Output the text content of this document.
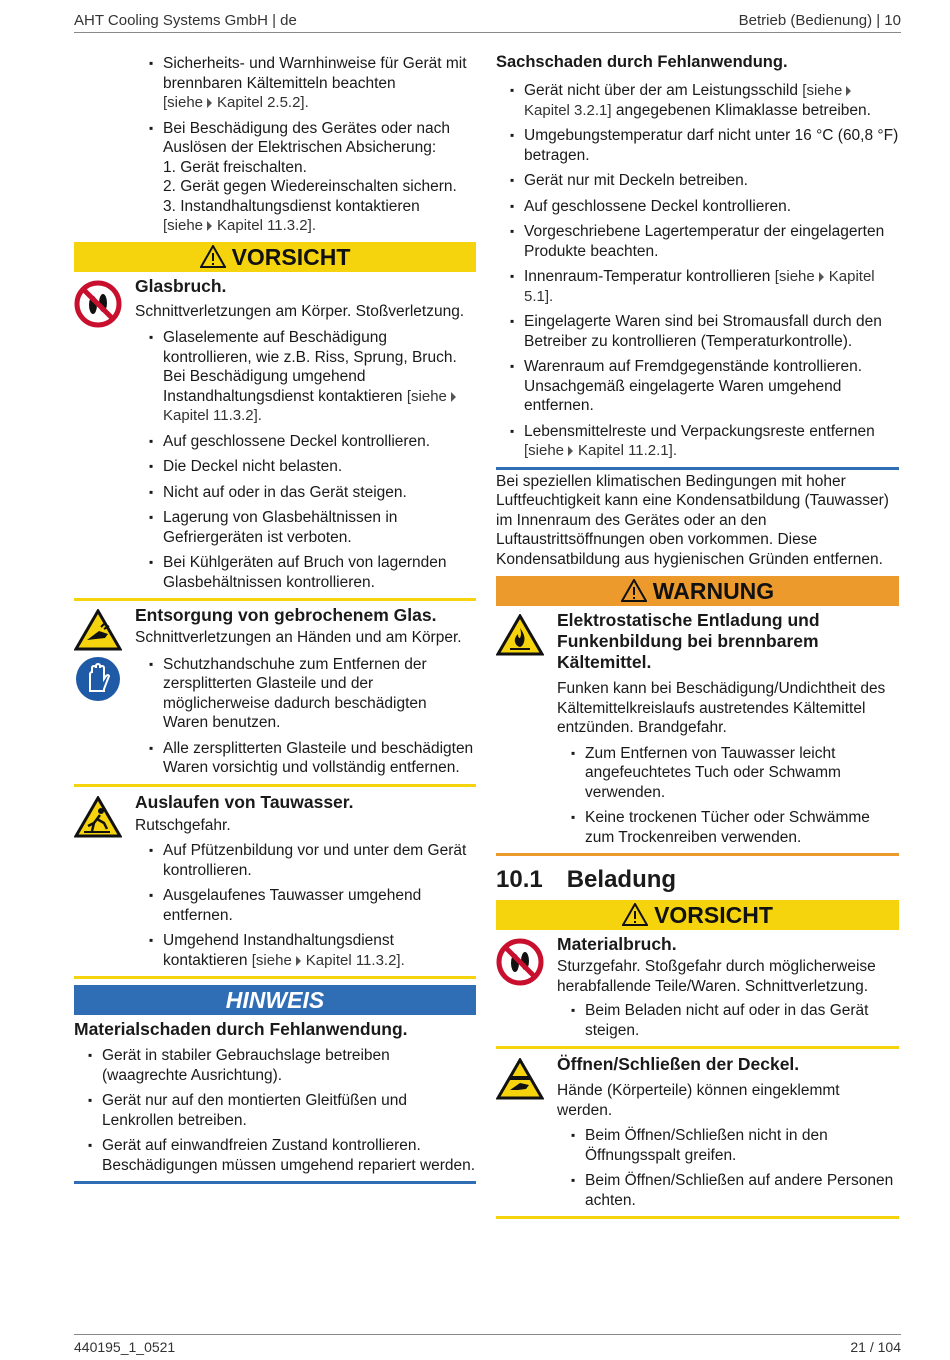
AHT Cooling Systems GmbH | de	Betrieb (Bedienung) | 10
▪ Sicherheits- und Warnhinweise für Gerät mit brennbaren Kältemitteln beachten
[siehe Kapitel 2.5.2].
▪ Bei Beschädigung des Gerätes oder nach Auslösen der Elektrischen Absicherung:
1. Gerät freischalten.
2. Gerät gegen Wiedereinschalten sichern.
3. Instandhaltungsdienst kontaktieren
[siehe Kapitel 11.3.2].
VORSICHT
Glasbruch.
Schnittverletzungen am Körper. Stoßverletzung.
▪ Glaselemente auf Beschädigung kontrollieren, wie z.B. Riss, Sprung, Bruch. Bei Beschädigung umgehend Instandhaltungsdienst kontaktieren [sieheKapitel 11.3.2].
▪ Auf geschlossene Deckel kontrollieren.
▪ Die Deckel nicht belasten.
▪ Nicht auf oder in das Gerät steigen.
▪ Lagerung von Glasbehältnissen in Gefriergeräten ist verboten.
▪ Bei Kühlgeräten auf Bruch von lagernden Glasbehältnissen kontrollieren.
Entsorgung von gebrochenem Glas.
Schnittverletzungen an Händen und am Körper.
▪ Schutzhandschuhe zum Entfernen der zersplitterten Glasteile und der möglicherweise dadurch beschädigten Waren benutzen.
▪ Alle zersplitterten Glasteile und beschädigten Waren vorsichtig und vollständig entfernen.
Auslaufen von Tauwasser.
Rutschgefahr.
▪ Auf Pfützenbildung vor und unter dem Gerät kontrollieren.
▪ Ausgelaufenes Tauwasser umgehend entfernen.
▪ Umgehend Instandhaltungsdienst kontaktieren [siehe Kapitel 11.3.2].
HINWEIS
Materialschaden durch Fehlanwendung.
▪ Gerät in stabiler Gebrauchslage betreiben (waagrechte Ausrichtung).
▪ Gerät nur auf den montierten Gleitfüßen und Lenkrollen betreiben.
▪ Gerät auf einwandfreien Zustand kontrollieren. Beschädigungen müssen umgehend repariert werden.
Sachschaden durch Fehlanwendung.
▪ Gerät nicht über der am Leistungsschild [sieheKapitel 3.2.1] angegebenen Klimaklasse betreiben.
▪ Umgebungstemperatur darf nicht unter 16 °C (60,8 °F) betragen.
▪ Gerät nur mit Deckeln betreiben.
▪ Auf geschlossene Deckel kontrollieren.
▪ Vorgeschriebene Lagertemperatur der eingelagerten Produkte beachten.
▪ Innenraum-Temperatur kontrollieren [siehe Kapitel 5.1].
▪ Eingelagerte Waren sind bei Stromausfall durch den Betreiber zu kontrollieren (Temperaturkontrolle).
▪ Warenraum auf Fremdgegenstände kontrollieren. Unsachgemäß eingelagerte Waren umgehend entfernen.
▪ Lebensmittelreste und Verpackungsreste entfernen [siehe Kapitel 11.2.1].
Bei speziellen klimatischen Bedingungen mit hoher Luftfeuchtigkeit kann eine Kondensatbildung (Tauwasser) im Innenraum des Gerätes oder an den Luftaustrittsöffnungen oben vorkommen. Diese Kondensatbildung aus hygienischen Gründen entfernen.
WARNUNG
Elektrostatische Entladung und Funkenbildung bei brennbarem Kältemittel.
Funken kann bei Beschädigung/Undichtheit des Kältemittelkreislaufs austretendes Kältemittel entzünden. Brandgefahr.
▪ Zum Entfernen von Tauwasser leicht angefeuchtetes Tuch oder Schwamm verwenden.
▪ Keine trockenen Tücher oder Schwämme zum Trockenreiben verwenden.
10.1 Beladung
VORSICHT
Materialbruch.
Sturzgefahr. Stoßgefahr durch möglicherweise herabfallende Teile/Waren. Schnittverletzung.
▪ Beim Beladen nicht auf oder in das Gerät steigen.
Öffnen/Schließen der Deckel.
Hände (Körperteile) können eingeklemmt werden.
▪ Beim Öffnen/Schließen nicht in den Öffnungsspalt greifen.
▪ Beim Öffnen/Schließen auf andere Personen achten.
440195_1_0521	21 / 104
